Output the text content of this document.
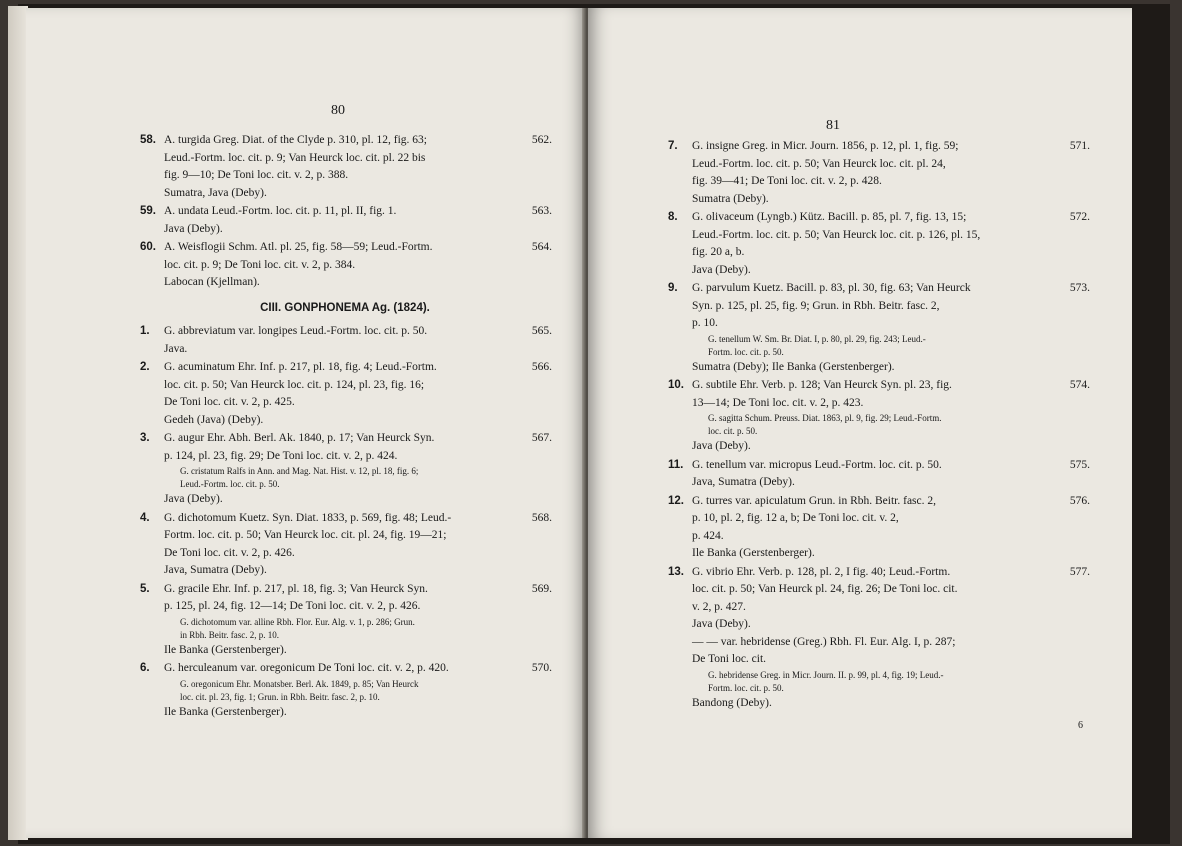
80
562.
58. A. turgida Greg. Diat. of the Clyde p. 310, pl. 12, fig. 63;
Leud.-Fortm. loc. cit. p. 9; Van Heurck loc. cit. pl. 22 bis
fig. 9—10; De Toni loc. cit. v. 2, p. 388.
Sumatra, Java (Deby).
563.
59. A. undata Leud.-Fortm. loc. cit. p. 11, pl. II, fig. 1.
Java (Deby).
564.
60. A. Weisflogii Schm. Atl. pl. 25, fig. 58—59; Leud.-Fortm.
loc. cit. p. 9; De Toni loc. cit. v. 2, p. 384.
Labocan (Kjellman).
CIII. GONPHONEMA Ag. (1824).
565.
1. G. abbreviatum var. longipes Leud.-Fortm. loc. cit. p. 50.
Java.
566.
2. G. acuminatum Ehr. Inf. p. 217, pl. 18, fig. 4; Leud.-Fortm.
loc. cit. p. 50; Van Heurck loc. cit. p. 124, pl. 23, fig. 16;
De Toni loc. cit. v. 2, p. 425.
Gedeh (Java) (Deby).
567.
3. G. augur Ehr. Abh. Berl. Ak. 1840, p. 17; Van Heurck Syn.
p. 124, pl. 23, fig. 29; De Toni loc. cit. v. 2, p. 424.
G. cristatum Ralfs in Ann. and Mag. Nat. Hist. v. 12, pl. 18, fig. 6;
Leud.-Fortm. loc. cit. p. 50.
Java (Deby).
568.
4. G. dichotomum Kuetz. Syn. Diat. 1833, p. 569, fig. 48; Leud.-
Fortm. loc. cit. p. 50; Van Heurck loc. cit. pl. 24, fig. 19—21;
De Toni loc. cit. v. 2, p. 426.
Java, Sumatra (Deby).
569.
5. G. gracile Ehr. Inf. p. 217, pl. 18, fig. 3; Van Heurck Syn.
p. 125, pl. 24, fig. 12—14; De Toni loc. cit. v. 2, p. 426.
G. dichotomum var. alline Rbh. Flor. Eur. Alg. v. 1, p. 286; Grun.
in Rbh. Beitr. fasc. 2, p. 10.
Ile Banka (Gerstenberger).
570.
6. G. herculeanum var. oregonicum De Toni loc. cit. v. 2, p. 420.
G. oregonicum Ehr. Monatsber. Berl. Ak. 1849, p. 85; Van Heurck
loc. cit. pl. 23, fig. 1; Grun. in Rbh. Beitr. fasc. 2, p. 10.
Ile Banka (Gerstenberger).
81
571.
7. G. insigne Greg. in Micr. Journ. 1856, p. 12, pl. 1, fig. 59;
Leud.-Fortm. loc. cit. p. 50; Van Heurck loc. cit. pl. 24,
fig. 39—41; De Toni loc. cit. v. 2, p. 428.
Sumatra (Deby).
572.
8. G. olivaceum (Lyngb.) Kütz. Bacill. p. 85, pl. 7, fig. 13, 15;
Leud.-Fortm. loc. cit. p. 50; Van Heurck loc. cit. p. 126, pl. 15,
fig. 20 a, b.
Java (Deby).
573.
9. G. parvulum Kuetz. Bacill. p. 83, pl. 30, fig. 63; Van Heurck
Syn. p. 125, pl. 25, fig. 9; Grun. in Rbh. Beitr. fasc. 2,
p. 10.
G. tenellum W. Sm. Br. Diat. I, p. 80, pl. 29, fig. 243; Leud.-
Fortm. loc. cit. p. 50.
Sumatra (Deby); Ile Banka (Gerstenberger).
574.
10. G. subtile Ehr. Verb. p. 128; Van Heurck Syn. pl. 23, fig.
13—14; De Toni loc. cit. v. 2, p. 423.
G. sagitta Schum. Preuss. Diat. 1863, pl. 9, fig. 29; Leud.-Fortm.
loc. cit. p. 50.
Java (Deby).
575.
11. G. tenellum var. micropus Leud.-Fortm. loc. cit. p. 50.
Java, Sumatra (Deby).
576.
12. G. turres var. apiculatum Grun. in Rbh. Beitr. fasc. 2,
p. 10, pl. 2, fig. 12 a, b; De Toni loc. cit. v. 2,
p. 424.
Ile Banka (Gerstenberger).
577.
13. G. vibrio Ehr. Verb. p. 128, pl. 2, I fig. 40; Leud.-Fortm.
loc. cit. p. 50; Van Heurck pl. 24, fig. 26; De Toni loc. cit.
v. 2, p. 427.
Java (Deby).
— — var. hebridense (Greg.) Rbh. Fl. Eur. Alg. I, p. 287;
De Toni loc. cit.
G. hebridense Greg. in Micr. Journ. II. p. 99, pl. 4, fig. 19; Leud.-
Fortm. loc. cit. p. 50.
Bandong (Deby).
6
